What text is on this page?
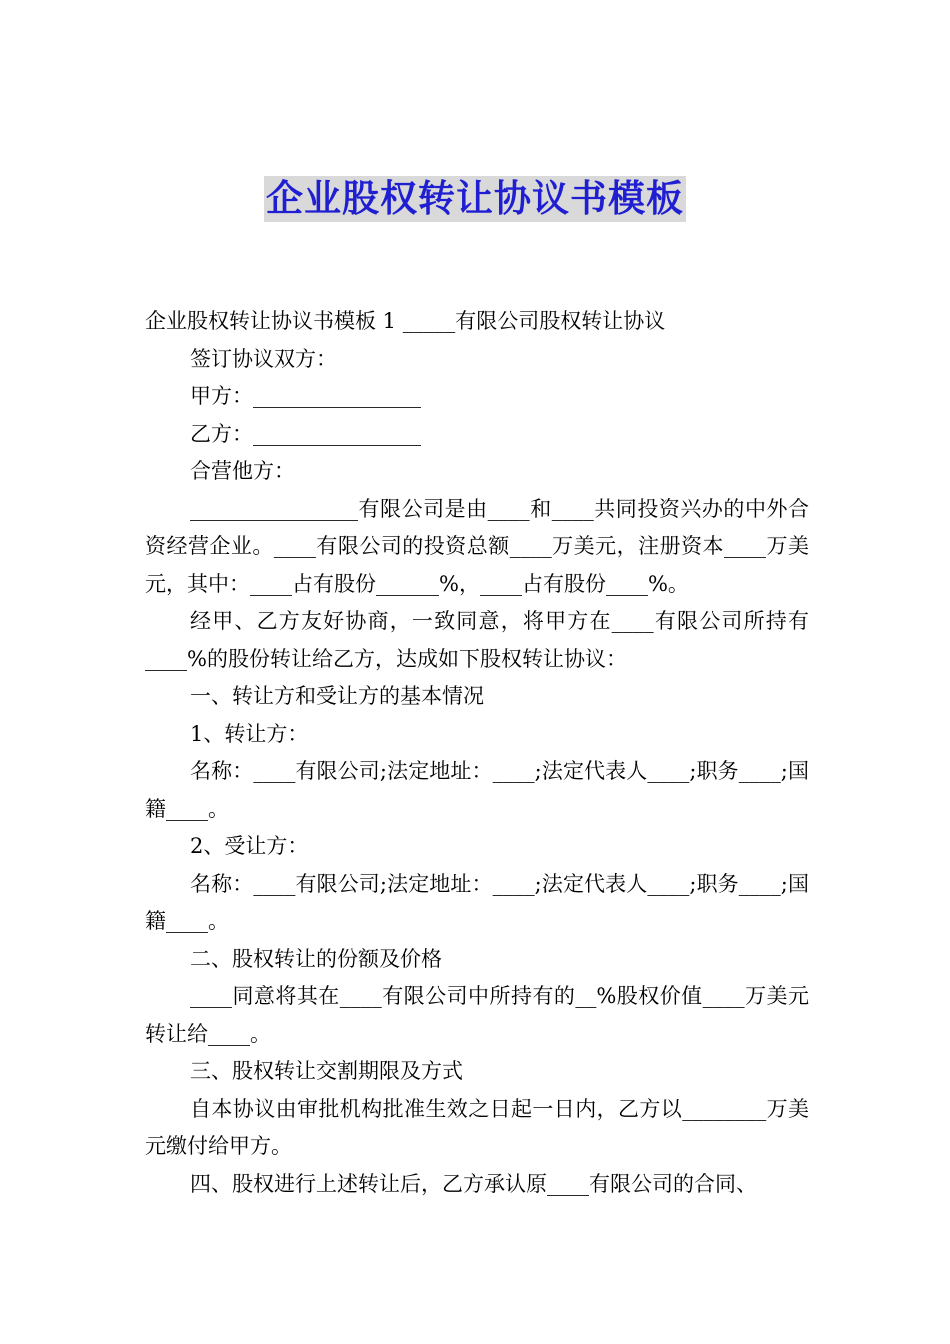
企业股权转让协议书模板

企业股权转让协议书模板 1 _____有限公司股权转让协议

签订协议双方：

甲方：________________

乙方：________________

合营他方：

________________有限公司是由____和____共同投资兴办的中外合资经营企业。____有限公司的投资总额____万美元，注册资本____万美元，其中：____占有股份______%，____占有股份____%。

经甲、乙方友好协商，一致同意，将甲方在____有限公司所持有____%的股份转让给乙方，达成如下股权转让协议：

一、转让方和受让方的基本情况

1、转让方：

名称：____有限公司;法定地址：____;法定代表人____;职务____;国籍____。

2、受让方：

名称：____有限公司;法定地址：____;法定代表人____;职务____;国籍____。

二、股权转让的份额及价格

____同意将其在____有限公司中所持有的__%股权价值____万美元转让给____。

三、股权转让交割期限及方式

自本协议由审批机构批准生效之日起一日内，乙方以________万美元缴付给甲方。

四、股权进行上述转让后，乙方承认原____有限公司的合同、
